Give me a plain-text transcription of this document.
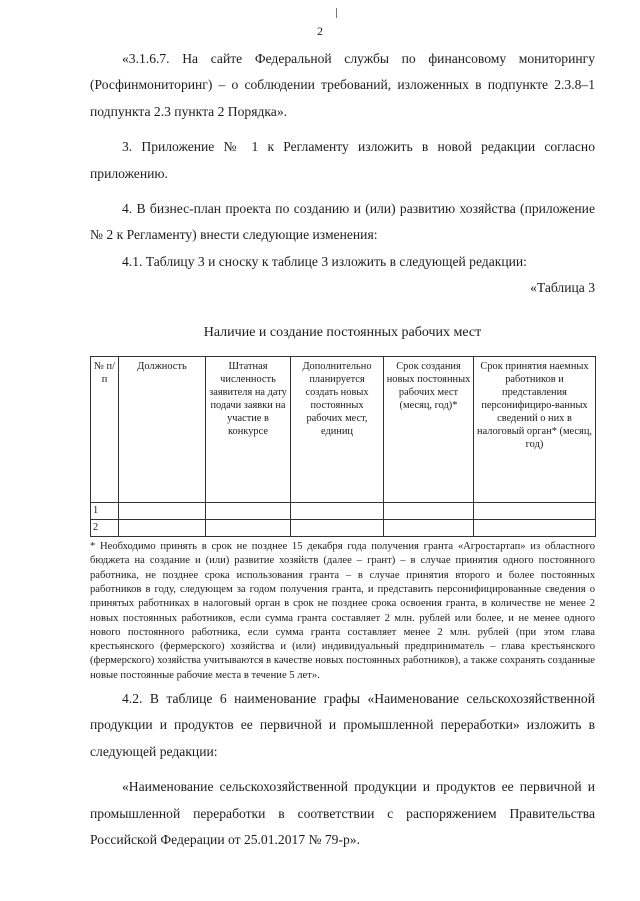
2

«3.1.6.7. На сайте Федеральной службы по финансовому мониторингу (Росфинмониторинг) – о соблюдении требований, изложенных в подпункте 2.3.8–1 подпункта 2.3 пункта 2 Порядка».

3. Приложение № 1 к Регламенту изложить в новой редакции согласно приложению.

4. В бизнес-план проекта по созданию и (или) развитию хозяйства (приложение № 2 к Регламенту) внести следующие изменения:

4.1. Таблицу 3 и сноску к таблице 3 изложить в следующей редакции:

«Таблица 3
Наличие и создание постоянных рабочих мест
№ п/п	Должность	Штатная численность заявителя на дату подачи заявки на участие в конкурсе	Дополнительно планируется создать новых постоянных рабочих мест, единиц	Срок создания новых постоянных рабочих мест (месяц, год)*	Срок принятия наемных работников и представления персонифициро-ванных сведений о них в налоговый орган* (месяц, год)
1					
2					
* Необходимо принять в срок не позднее 15 декабря года получения гранта «Агростартап» из областного бюджета на создание и (или) развитие хозяйств (далее – грант) – в случае принятия одного постоянного работника, не позднее срока использования гранта – в случае принятия второго и более постоянных работников в году, следующем за годом получения гранта, и представить персонифицированные сведения о принятых работниках в налоговый орган в срок не позднее срока освоения гранта, в количестве не менее 2 новых постоянных работников, если сумма гранта составляет 2 млн. рублей или более, и не менее одного нового постоянного работника, если сумма гранта составляет менее 2 млн. рублей (при этом глава крестьянского (фермерского) хозяйства и (или) индивидуальный предприниматель – глава крестьянского (фермерского) хозяйства учитываются в качестве новых постоянных работников), а также сохранять созданные новые постоянные рабочие места в течение 5 лет».

4.2. В таблице 6 наименование графы «Наименование сельскохозяйственной продукции и продуктов ее первичной и промышленной переработки» изложить в следующей редакции:

«Наименование сельскохозяйственной продукции и продуктов ее первичной и промышленной переработки в соответствии с распоряжением Правительства Российской Федерации от 25.01.2017 № 79-р».
